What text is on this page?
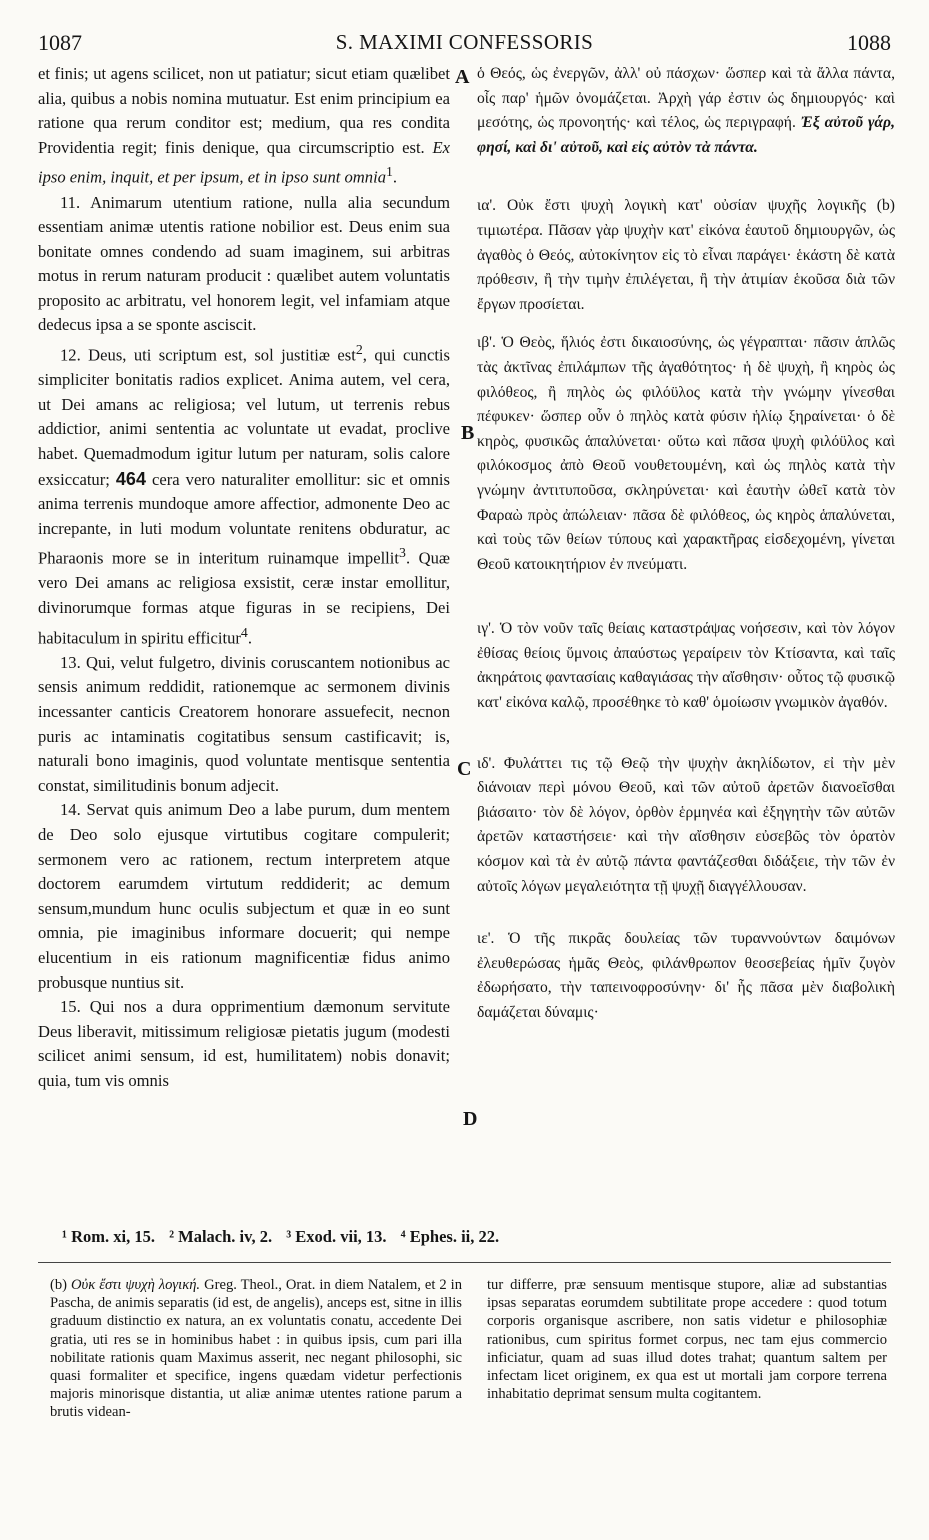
1087	S. MAXIMI CONFESSORIS	1088
A
B
C
D

et finis; ut agens scilicet, non ut patiatur; sicut etiam quælibet alia, quibus a nobis nomina mutuatur. Est enim principium ea ratione qua rerum conditor est; medium, qua res condita Providentia regit; finis denique, qua circumscriptio est. Ex ipso enim, inquit, et per ipsum, et in ipso sunt omnia$^1$.

11. Animarum utentium ratione, nulla alia secundum essentiam animæ utentis ratione nobilior est. Deus enim sua bonitate omnes condendo ad suam imaginem, sui arbitras motus in rerum naturam producit : quælibet autem voluntatis proposito ac arbitratu, vel honorem legit, vel infamiam atque dedecus ipsa a se sponte asciscit.

12. Deus, uti scriptum est, sol justitiæ est$^2$, qui cunctis simpliciter bonitatis radios explicet. Anima autem, vel cera, ut Dei amans ac religiosa; vel lutum, ut terrenis rebus addictior, animi sententia ac voluntate ut evadat, proclive habet. Quemadmodum igitur lutum per naturam, solis calore exsiccatur; 464 cera vero naturaliter emollitur: sic et omnis anima terrenis mundoque amore affectior, admonente Deo ac increpante, in luti modum voluntate renitens obduratur, ac Pharaonis more se in interitum ruinamque impellit$^3$. Quæ vero Dei amans ac religiosa exsistit, ceræ instar emollitur, divinorumque formas atque figuras in se recipiens, Dei habitaculum in spiritu efficitur$^4$.

13. Qui, velut fulgetro, divinis coruscantem notionibus ac sensis animum reddidit, rationemque ac sermonem divinis incessanter canticis Creatorem honorare assuefecit, necnon puris ac intaminatis cogitatibus sensum castificavit; is, naturali bono imaginis, quod voluntate mentisque sententia constat, similitudinis bonum adjecit.

14. Servat quis animum Deo a labe purum, dum mentem de Deo solo ejusque virtutibus cogitare compulerit; sermonem vero ac rationem, rectum interpretem atque doctorem earumdem virtutum reddiderit; ac demum sensum,mundum hunc oculis subjectum et quæ in eo sunt omnia, pie imaginibus informare docuerit; qui nempe elucentium in eis rationum magnificentiæ fidus animo probusque nuntius sit.

15. Qui nos a dura opprimentium dæmonum servitute Deus liberavit, mitissimum religiosæ pietatis jugum (modesti scilicet animi sensum, id est, humilitatem) nobis donavit; quia, tum vis omnis

ὁ Θεός, ὡς ἐνεργῶν, ἀλλ' οὐ πάσχων· ὥσπερ καὶ τὰ ἄλλα πάντα, οἷς παρ' ἡμῶν ὀνομάζεται. Ἀρχὴ γάρ ἐστιν ὡς δημιουργός· καὶ μεσότης, ὡς προνοητής· καὶ τέλος, ὡς περιγραφή. Ἐξ αὐτοῦ γάρ, φησί, καὶ δι' αὐτοῦ, καὶ εἰς αὐτὸν τὰ πάντα.

ια'. Οὐκ ἔστι ψυχὴ λογικὴ κατ' οὐσίαν ψυχῆς λογικῆς (b) τιμιωτέρα. Πᾶσαν γὰρ ψυχὴν κατ' εἰκόνα ἑαυτοῦ δημιουργῶν, ὡς ἀγαθὸς ὁ Θεός, αὐτοκίνητον εἰς τὸ εἶναι παράγει· ἑκάστη δὲ κατὰ πρόθεσιν, ἢ τὴν τιμὴν ἐπιλέγεται, ἢ τὴν ἀτιμίαν ἑκοῦσα διὰ τῶν ἔργων προσίεται.

ιβ'. Ὁ Θεὸς, ἥλιός ἐστι δικαιοσύνης, ὡς γέγραπται· πᾶσιν ἁπλῶς τὰς ἀκτῖνας ἐπιλάμπων τῆς ἀγαθότητος· ἡ δὲ ψυχὴ, ἢ κηρὸς ὡς φιλόθεος, ἢ πηλὸς ὡς φιλόϋλος κατὰ τὴν γνώμην γίνεσθαι πέφυκεν· ὥσπερ οὖν ὁ πηλὸς κατὰ φύσιν ἡλίῳ ξηραίνεται· ὁ δὲ κηρὸς, φυσικῶς ἁπαλύνεται· οὕτω καὶ πᾶσα ψυχὴ φιλόϋλος καὶ φιλόκοσμος ἀπὸ Θεοῦ νουθετουμένη, καὶ ὡς πηλὸς κατὰ τὴν γνώμην ἀντιτυποῦσα, σκληρύνεται· καὶ ἑαυτὴν ὠθεῖ κατὰ τὸν Φαραὼ πρὸς ἀπώλειαν· πᾶσα δὲ φιλόθεος, ὡς κηρὸς ἁπαλύνεται, καὶ τοὺς τῶν θείων τύπους καὶ χαρακτῆρας εἰσδεχομένη, γίνεται Θεοῦ κατοικητήριον ἐν πνεύματι.

ιγ'. Ὁ τὸν νοῦν ταῖς θείαις καταστράψας νοήσεσιν, καὶ τὸν λόγον ἐθίσας θείοις ὕμνοις ἀπαύστως γεραίρειν τὸν Κτίσαντα, καὶ ταῖς ἀκηράτοις φαντασίαις καθαγιάσας τὴν αἴσθησιν· οὗτος τῷ φυσικῷ κατ' εἰκόνα καλῷ, προσέθηκε τὸ καθ' ὁμοίωσιν γνωμικὸν ἀγαθόν.

ιδ'. Φυλάττει τις τῷ Θεῷ τὴν ψυχὴν ἀκηλίδωτον, εἰ τὴν μὲν διάνοιαν περὶ μόνου Θεοῦ, καὶ τῶν αὐτοῦ ἀρετῶν διανοεῖσθαι βιάσαιτο· τὸν δὲ λόγον, ὀρθὸν ἑρμηνέα καὶ ἐξηγητὴν τῶν αὐτῶν ἀρετῶν καταστήσειε· καὶ τὴν αἴσθησιν εὐσεβῶς τὸν ὁρατὸν κόσμον καὶ τὰ ἐν αὐτῷ πάντα φαντάζεσθαι διδάξειε, τὴν τῶν ἐν αὐτοῖς λόγων μεγαλειότητα τῇ ψυχῇ διαγγέλλουσαν.

ιε'. Ὁ τῆς πικρᾶς δουλείας τῶν τυραννούντων δαιμόνων ἐλευθερώσας ἡμᾶς Θεὸς, φιλάνθρωπον θεοσεβείας ἡμῖν ζυγὸν ἐδωρήσατο, τὴν ταπεινοφροσύνην· δι' ἧς πᾶσα μὲν διαβολικὴ δαμάζεται δύναμις·

¹ Rom. xi, 15. ² Malach. iv, 2. ³ Exod. vii, 13. ⁴ Ephes. ii, 22.

(b) Οὐκ ἔστι ψυχὴ λογική. Greg. Theol., Orat. in diem Natalem, et 2 in Pascha, de animis separatis (id est, de angelis), anceps est, sitne in illis graduum distinctio ex natura, an ex voluntatis conatu, accedente Dei gratia, uti res se in hominibus habet : in quibus ipsis, cum pari illa nobilitate rationis quam Maximus asserit, nec negant philosophi, sic quasi formaliter et specifice, ingens quædam videtur perfectionis majoris minorisque distantia, ut aliæ animæ utentes ratione parum a brutis videan-

tur differre, præ sensuum mentisque stupore, aliæ ad substantias ipsas separatas eorumdem subtilitate prope accedere : quod totum corporis organisque ascribere, non satis videtur e philosophiæ rationibus, cum spiritus formet corpus, nec tam ejus commercio inficiatur, quam ad suas illud dotes trahat; quantum saltem per infectam licet originem, ex qua est ut mortali jam corpore terrena inhabitatio deprimat sensum multa cogitantem.
